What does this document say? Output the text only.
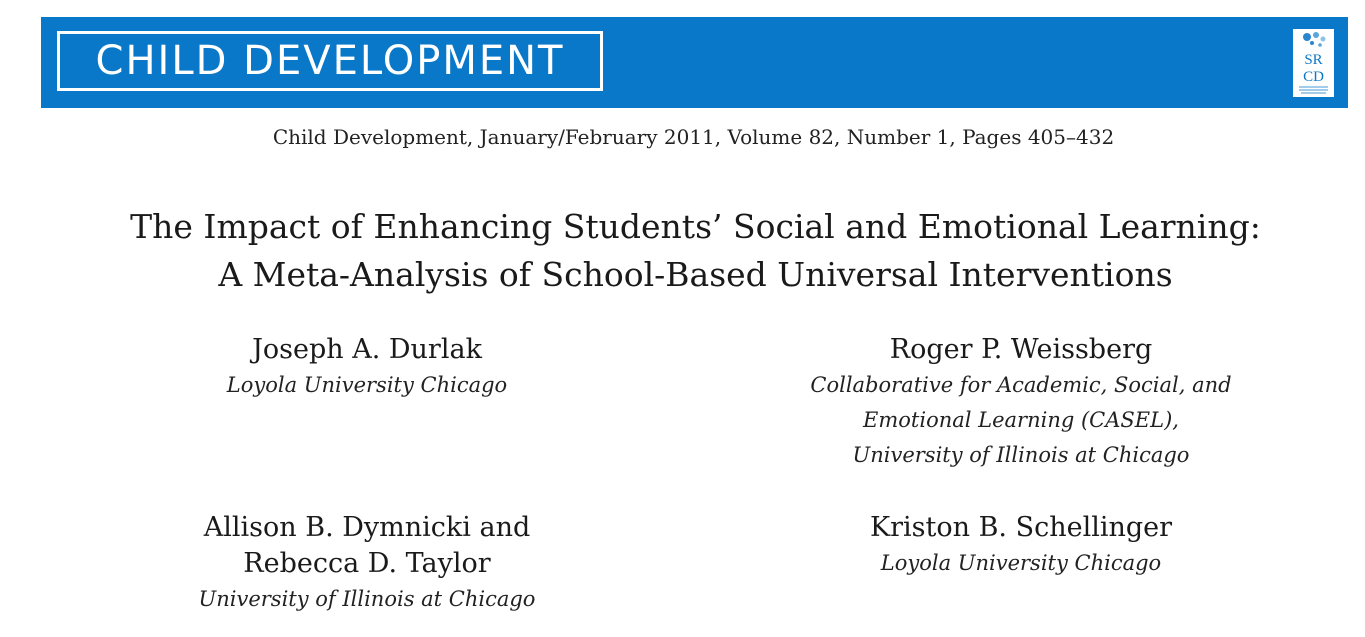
CHILD DEVELOPMENT	SR
CD
Child Development, January/February 2011, Volume 82, Number 1, Pages 405–432
The Impact of Enhancing Students’ Social and Emotional Learning:
A Meta-Analysis of School-Based Universal Interventions
Joseph A. Durlak
Loyola University Chicago
Roger P. Weissberg
Collaborative for Academic, Social, and
Emotional Learning (CASEL),
University of Illinois at Chicago
Allison B. Dymnicki and
Rebecca D. Taylor
University of Illinois at Chicago
Kriston B. Schellinger
Loyola University Chicago
